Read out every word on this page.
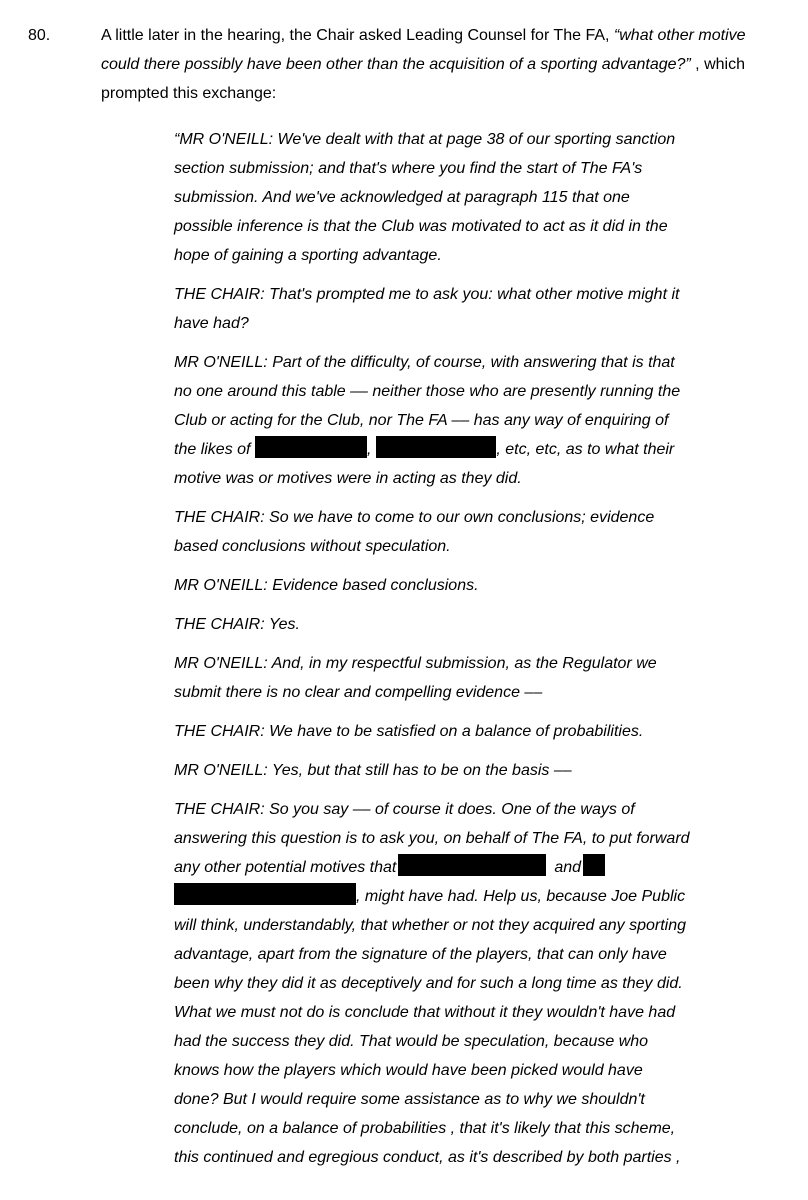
80.	A little later in the hearing, the Chair asked Leading Counsel for The FA, “what other motive
could there possibly have been other than the acquisition of a sporting advantage?” , which
prompted this exchange:
“MR O'NEILL: We've dealt with that at page 38 of our sporting sanction
section submission; and that's where you find the start of The FA's
submission. And we've acknowledged at paragraph 115 that one
possible inference is that the Club was motivated to act as it did in the
hope of gaining a sporting advantage.
THE CHAIR: That's prompted me to ask you: what other motive might it
have had?
MR O'NEILL: Part of the difficulty, of course, with answering that is that
no one around this table –– neither those who are presently running the
Club or acting for the Club, nor The FA –– has any way of enquiring of
the likes of	,	, etc, etc, as to what their
motive was or motives were in acting as they did.
THE CHAIR: So we have to come to our own conclusions; evidence
based conclusions without speculation.
MR O'NEILL: Evidence based conclusions.
THE CHAIR: Yes.
MR O'NEILL: And, in my respectful submission, as the Regulator we
submit there is no clear and compelling evidence ––
THE CHAIR: We have to be satisfied on a balance of probabilities.
MR O'NEILL: Yes, but that still has to be on the basis ––
THE CHAIR: So you say –– of course it does. One of the ways of
answering this question is to ask you, on behalf of The FA, to put forward
any other potential motives that	and
, might have had. Help us, because Joe Public
will think, understandably, that whether or not they acquired any sporting
advantage, apart from the signature of the players, that can only have
been why they did it as deceptively and for such a long time as they did.
What we must not do is conclude that without it they wouldn't have had
had the success they did. That would be speculation, because who
knows how the players which would have been picked would have
done? But I would require some assistance as to why we shouldn't
conclude, on a balance of probabilities , that it's likely that this scheme,
this continued and egregious conduct, as it's described by both parties ,
